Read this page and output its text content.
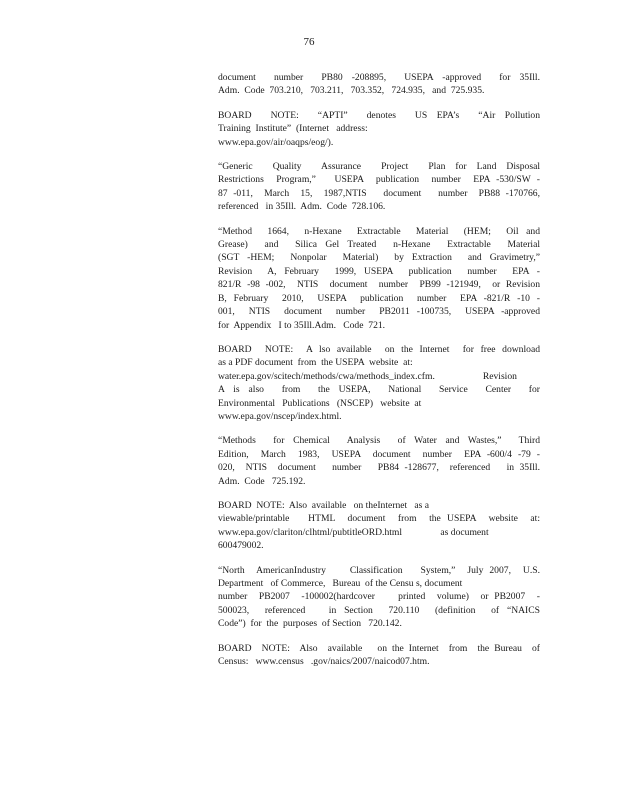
76
document  number  PB80 -208895,  USEPA -approved  for 35Ill.
Adm.  Code  703.210,   703.211,   703.352,   724.935,   and  725.935.
BOARD  NOTE:  “APTI”  denotes  US EPA’s  “Air Pollution
Training  Institute”  (Internet   address:
www.epa.gov/air/oaqps/eog/).
“Generic  Quality  Assurance  Project  Plan for Land Disposal
Restrictions  Program,”   USEPA  publication  number  EPA -530/SW -
87 -011,  March  15,  1987,NTIS   document   number  PB88 -170766,
referenced   in 35Ill.  Adm.  Code  728.106.
“Method  1664,  n-Hexane  Extractable  Material  (HEM;  Oil and
Grease)  and  Silica Gel Treated  n-Hexane  Extractable  Material
(SGT -HEM;  Nonpolar  Material)  by Extraction  and Gravimetry,”
Revision  A, February  1999, USEPA  publication  number  EPA -
821/R -98 -002,  NTIS  document  number  PB99 -121949,  or Revision
B, February  2010,  USEPA  publication  number  EPA -821/R -10 -
001,  NTIS  document  number  PB2011 -100735,  USEPA -approved
for  Appendix   I to 35Ill.Adm.   Code  721.
BOARD  NOTE:  A lso available  on the Internet  for free download
as a PDF document  from  the USEPA  website  at:
water.epa.gov/scitech/methods/cwa/methods_index.cfm.                    Revision
A is also  from  the USEPA,  National  Service  Center  for
Environmental   Publications   (NSCEP)   website  at
www.epa.gov/nscep/index.html.
“Methods  for Chemical  Analysis  of Water and Wastes,”  Third
Edition,  March  1983,  USEPA  document  number  EPA -600/4 -79 -
020,  NTIS  document   number   PB84 -128677,  referenced   in 35Ill.
Adm.  Code   725.192.
BOARD  NOTE:  Also  available   on theInternet   as a
viewable/printable   HTML  document  from  the USEPA  website  at:
www.epa.gov/clariton/clhtml/pubtitleORD.html                as document
600479002.
“North  AmericanIndustry    Classification   System,”  July 2007,  U.S.
Department   of Commerce,   Bureau  of the Censu s, document
number  PB2007  -100002(hardcover    printed  volume)  or PB2007  -
500023,  referenced   in Section  720.110  (definition  of “NAICS
Code”)  for  the  purposes  of Section   720.142.
BOARD  NOTE:  Also  available   on the Internet  from  the Bureau  of
Census:   www.census   .gov/naics/2007/naicod07.htm.
